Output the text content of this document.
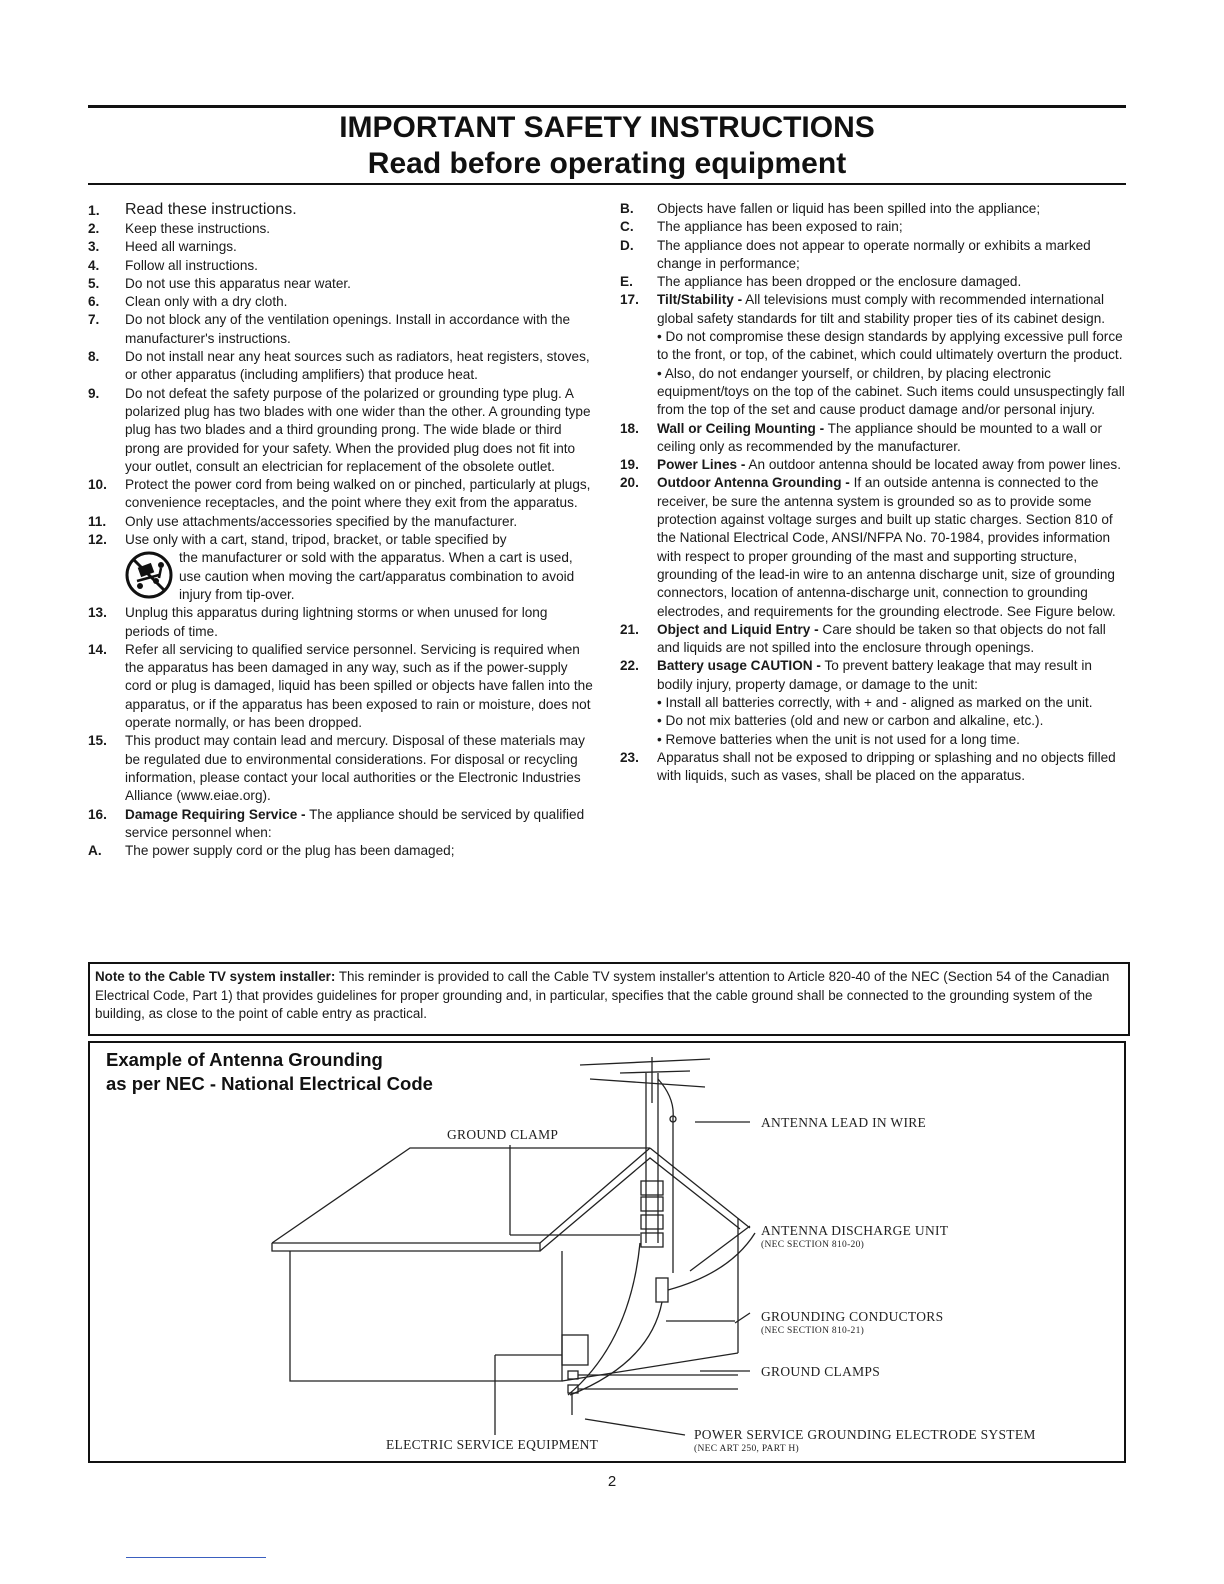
IMPORTANT SAFETY INSTRUCTIONS
Read before operating equipment
1.	Read these instructions.
2.	Keep these instructions.
3.	Heed all warnings.
4.	Follow all instructions.
5.	Do not use this apparatus near water.
6.	Clean only with a dry cloth.
7.	Do not block any of the ventilation openings. Install in accordance with the manufacturer's instructions.
8.	Do not install near any heat sources such as radiators, heat registers, stoves, or other apparatus (including amplifiers) that produce heat.
9.	Do not defeat the safety purpose of the polarized or grounding type plug. A polarized plug has two blades with one wider than the other. A grounding type plug has two blades and a third grounding prong. The wide blade or third prong are provided for your safety. When the provided plug does not fit into your outlet, consult an electrician for replacement of the obsolete outlet.
10.	Protect the power cord from being walked on or pinched, particularly at plugs, convenience receptacles, and the point where they exit from the apparatus.
11.	Only use attachments/accessories specified by the manufacturer.
12.	Use only with a cart, stand, tripod, bracket, or table specified by
the manufacturer or sold with the apparatus. When a cart is used, use caution when moving the cart/apparatus combination to avoid injury from tip-over.
13.	Unplug this apparatus during lightning storms or when unused for long periods of time.
14.	Refer all servicing to qualified service personnel. Servicing is required when the apparatus has been damaged in any way, such as if the power-supply cord or plug is damaged, liquid has been spilled or objects have fallen into the apparatus, or if the apparatus has been exposed to rain or moisture, does not operate normally, or has been dropped.
15.	This product may contain lead and mercury. Disposal of these materials may be regulated due to environmental considerations. For disposal or recycling information, please contact your local authorities or the Electronic Industries Alliance (www.eiae.org).
16.	Damage Requiring Service - The appliance should be serviced by qualified service personnel when:
A.	The power supply cord or the plug has been damaged;
B.	Objects have fallen or liquid has been spilled into the appliance;
C.	The appliance has been exposed to rain;
D.	The appliance does not appear to operate normally or exhibits a marked change in performance;
E.	The appliance has been dropped or the enclosure damaged.
17.	Tilt/Stability - All televisions must comply with recommended international global safety standards for tilt and stability proper ties of its cabinet design.
• Do not compromise these design standards by applying excessive pull force to the front, or top, of the cabinet, which could ultimately overturn the product.
• Also, do not endanger yourself, or children, by placing electronic equipment/toys on the top of the cabinet. Such items could unsuspectingly fall from the top of the set and cause product damage and/or personal injury.
18.	Wall or Ceiling Mounting - The appliance should be mounted to a wall or ceiling only as recommended by the manufacturer.
19.	Power Lines - An outdoor antenna should be located away from power lines.
20.	Outdoor Antenna Grounding - If an outside antenna is connected to the receiver, be sure the antenna system is grounded so as to provide some protection against voltage surges and built up static charges. Section 810 of the National Electrical Code, ANSI/NFPA No. 70-1984, provides information with respect to proper grounding of the mast and supporting structure, grounding of the lead-in wire to an antenna discharge unit, size of grounding connectors, location of antenna-discharge unit, connection to grounding electrodes, and requirements for the grounding electrode. See Figure below.
21.	Object and Liquid Entry - Care should be taken so that objects do not fall and liquids are not spilled into the enclosure through openings.
22.	Battery usage CAUTION - To prevent battery leakage that may result in bodily injury, property damage, or damage to the unit:
• Install all batteries correctly, with + and - aligned as marked on the unit.
• Do not mix batteries (old and new or carbon and alkaline, etc.).
• Remove batteries when the unit is not used for a long time.
23.	Apparatus shall not be exposed to dripping or splashing and no objects filled with liquids, such as vases, shall be placed on the apparatus.
Note to the Cable TV system installer: This reminder is provided to call the Cable TV system installer's attention to Article 820-40 of the NEC (Section 54 of the Canadian Electrical Code, Part 1) that provides guidelines for proper grounding and, in particular, specifies that the cable ground shall be connected to the grounding system of the building, as close to the point of cable entry as practical.
Example of Antenna Grounding
as per NEC - National Electrical Code
GROUND CLAMP
ANTENNA LEAD IN WIRE
ANTENNA DISCHARGE UNIT
(NEC SECTION 810-20)
GROUNDING CONDUCTORS
(NEC SECTION 810-21)
GROUND CLAMPS
ELECTRIC SERVICE EQUIPMENT
POWER SERVICE GROUNDING ELECTRODE SYSTEM
(NEC ART 250, PART H)
2
